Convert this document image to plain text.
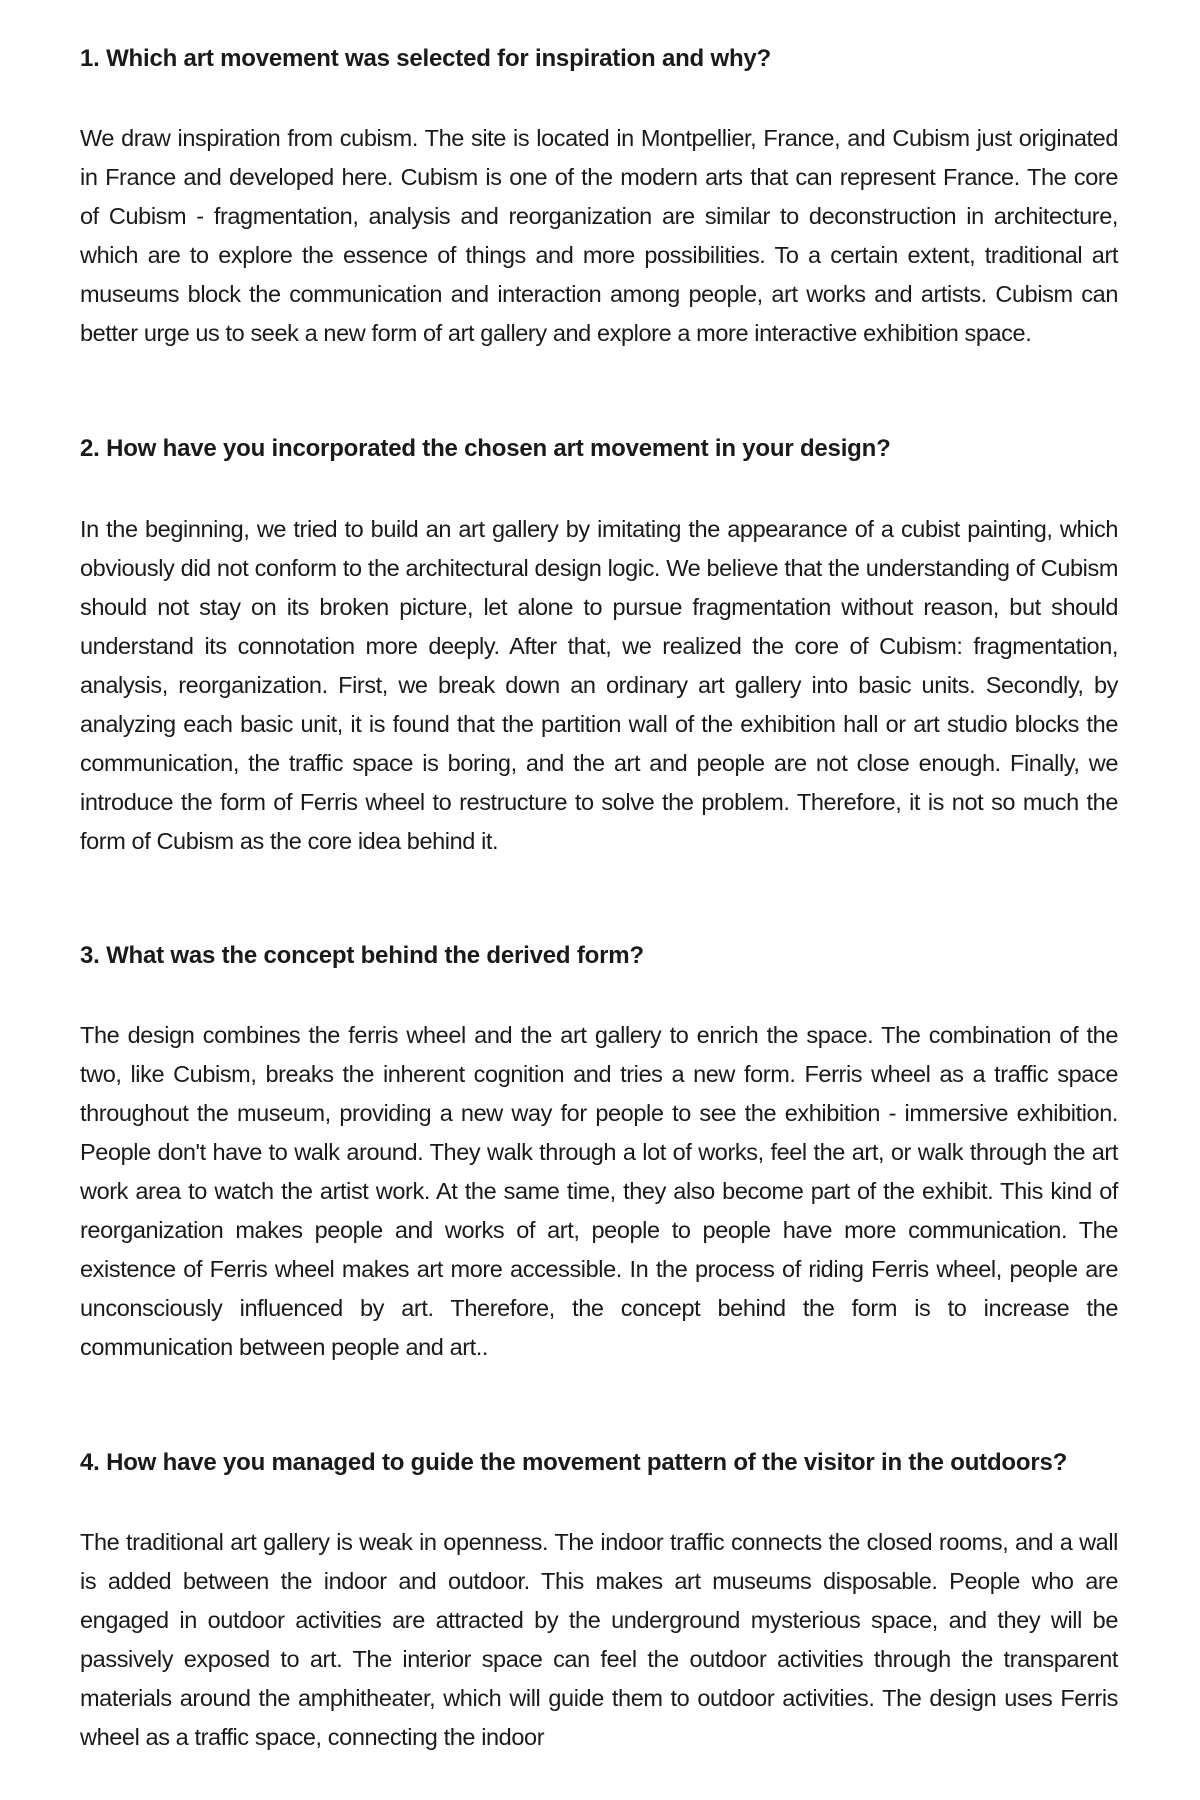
1. Which art movement was selected for inspiration and why?

We draw inspiration from cubism. The site is located in Montpellier, France, and Cubism just originated in France and developed here. Cubism is one of the modern arts that can represent France. The core of Cubism - fragmentation, analysis and reorganization are similar to deconstruction in architecture, which are to explore the essence of things and more possibilities. To a certain extent, traditional art museums block the communication and interaction among people, art works and artists. Cubism can better urge us to seek a new form of art gallery and explore a more interactive exhibition space.

2. How have you incorporated the chosen art movement in your design?

In the beginning, we tried to build an art gallery by imitating the appearance of a cubist painting, which obviously did not conform to the architectural design logic. We believe that the understanding of Cubism should not stay on its broken picture, let alone to pursue fragmentation without reason, but should understand its connotation more deeply. After that, we realized the core of Cubism: fragmentation, analysis, reorganization. First, we break down an ordinary art gallery into basic units. Secondly, by analyzing each basic unit, it is found that the partition wall of the exhibition hall or art studio blocks the communication, the traffic space is boring, and the art and people are not close enough. Finally, we introduce the form of Ferris wheel to restructure to solve the problem. Therefore, it is not so much the form of Cubism as the core idea behind it.

3. What was the concept behind the derived form?

The design combines the ferris wheel and the art gallery to enrich the space. The combination of the two, like Cubism, breaks the inherent cognition and tries a new form. Ferris wheel as a traffic space throughout the museum, providing a new way for people to see the exhibition - immersive exhibition. People don't have to walk around. They walk through a lot of works, feel the art, or walk through the art work area to watch the artist work. At the same time, they also become part of the exhibit. This kind of reorganization makes people and works of art, people to people have more communication. The existence of Ferris wheel makes art more accessible. In the process of riding Ferris wheel, people are unconsciously influenced by art. Therefore, the concept behind the form is to increase the communication between people and art..

4. How have you managed to guide the movement pattern of the visitor in the outdoors?

The traditional art gallery is weak in openness. The indoor traffic connects the closed rooms, and a wall is added between the indoor and outdoor. This makes art museums disposable. People who are engaged in outdoor activities are attracted by the underground mysterious space, and they will be passively exposed to art. The interior space can feel the outdoor activities through the transparent materials around the amphitheater, which will guide them to outdoor activities. The design uses Ferris wheel as a traffic space, connecting the indoor
